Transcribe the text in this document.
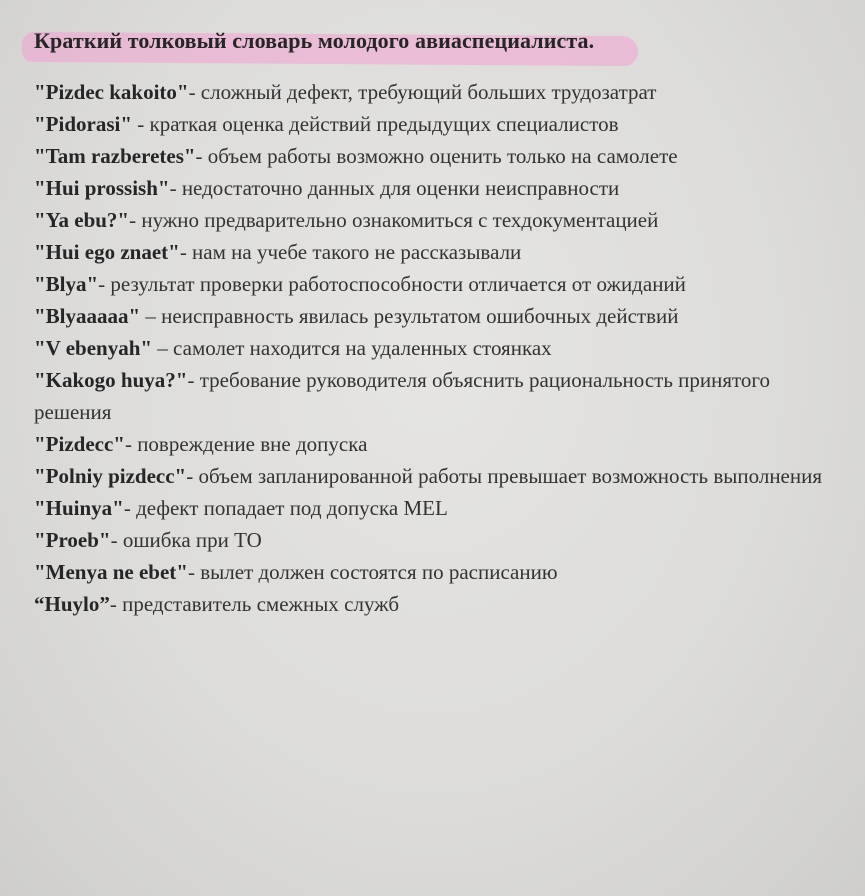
Краткий толковый словарь молодого авиаспециалиста.
"Pizdec kakoito"- сложный дефект, требующий больших трудозатрат
"Pidorasi" - краткая оценка действий предыдущих специалистов
"Tam razberetes"- объем работы возможно оценить только на самолете
"Hui prossish"- недостаточно данных для оценки неисправности
"Ya ebu?"- нужно предварительно ознакомиться с техдокументацией
"Hui ego znaet"- нам на учебе такого не рассказывали
"Blya"- результат проверки работоспособности отличается от ожиданий
"Blyaaaaa" – неисправность явилась результатом ошибочных действий
"V ebenyah" – самолет находится на удаленных стоянках
"Kakogo huya?"- требование руководителя объяснить рациональность принятого решения
"Pizdecc"- повреждение вне допуска
"Polniy pizdecc"- объем запланированной работы превышает возможность выполнения
"Huinya"- дефект попадает под допуска MEL
"Proeb"- ошибка при ТО
"Menya ne ebet"- вылет должен состоятся по расписанию
“Huylo”- представитель смежных служб
